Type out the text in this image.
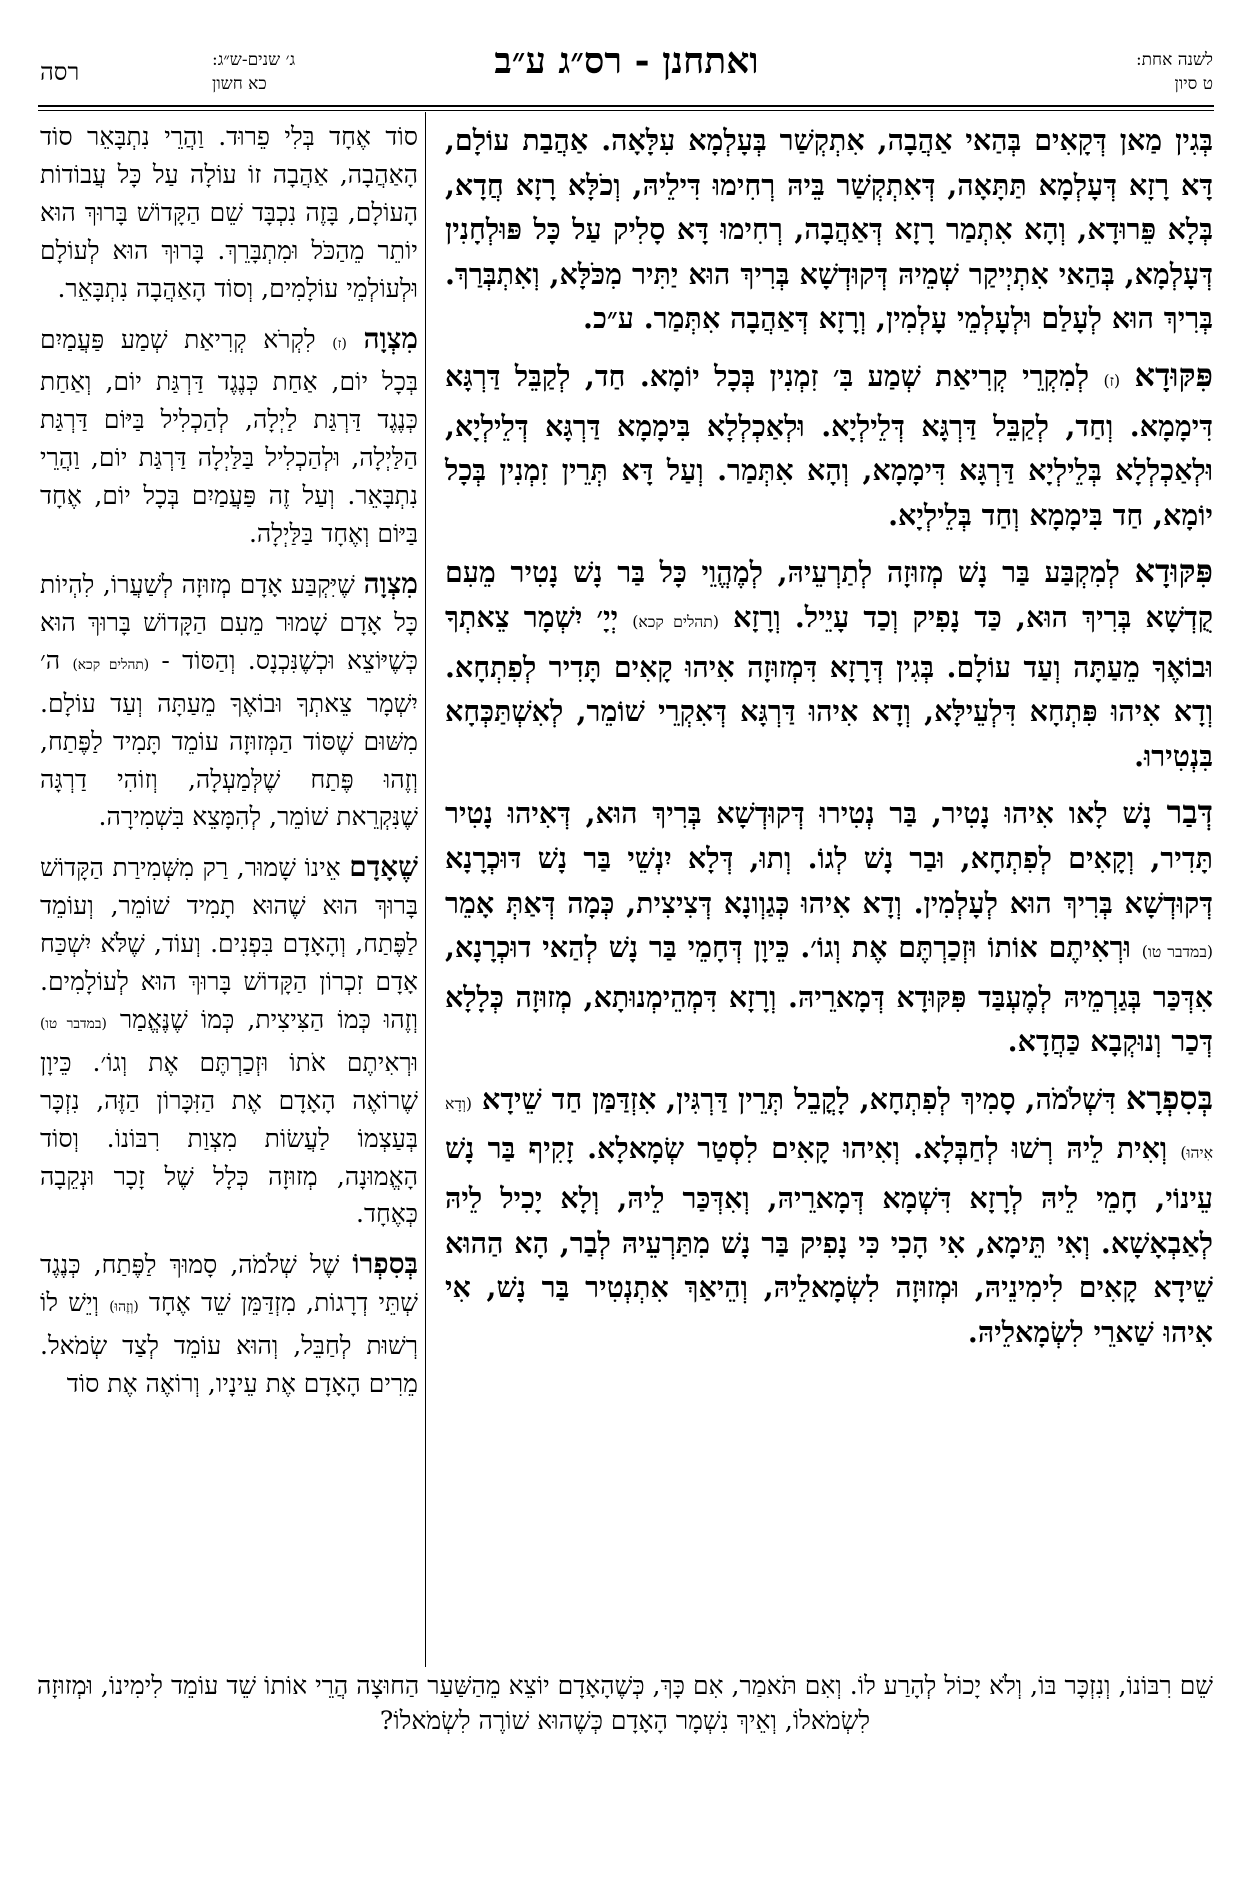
לשנה אחת:
ט סיון
ואתחנן - רס״ג ע״ב
ג׳ שנים-ש״ג:
כא חשון
רסה

בְּגִין מַאן דְּקָאִים בְּהַאי אַהֲבָה, אִתְקְשַׁר בְּעָלְמָא עִלָּאָה. אַהֲבַת עוֹלָם, דָּא רָזָא דְּעָלְמָא תַּתָּאָה, דְּאִתְקְשַׁר בֵּיהּ רְחִימוּ דִּילֵיהּ, וְכֹלָּא רָזָא חֲדָא, בְּלָא פֵּרוּדָא, וְהָא אִתְמַר רָזָא דְּאַהֲבָה, רְחִימוּ דָּא סָלִיק עַל כָּל פּוּלְחָנִין דְּעָלְמָא, בְּהַאי אִתְיְיקַר שְׁמֵיהּ דְּקוּדְשָׁא בְּרִיךְ הוּא יַתִּיר מִכֹּלָּא, וְאִתְבְּרַךְ. בְּרִיךְ הוּא לְעָלַם וּלְעָלְמֵי עָלְמִין, וְרָזָא דְּאַהֲבָה אִתְּמַר. ע״כ.

פִּקּוּדָא (ז) לְמִקְרֵי קְרִיאַת שְׁמַע בִּ׳ זִמְנִין בְּכָל יוֹמָא. חַד, לְקַבֵּל דַּרְגָּא דִּימָמָא. וְחַד, לְקַבֵּל דַּרְגָּא דְּלֵילְיָא. וּלְאַכְלְלָא בִּימָמָא דַּרְגָּא דְּלֵילְיָא, וּלְאַכְלְלָא בְּלֵילְיָא דַּרְגָּא דִּימָמָא, וְהָא אִתְּמַר. וְעַל דָּא תְּרֵין זִמְנִין בְּכָל יוֹמָא, חַד בִּימָמָא וְחַד בְּלֵילְיָא.

פִּקּוּדָא לְמִקְבַּע בַּר נָשׁ מְזוּזָה לְתַרְעֵיהּ, לְמֶהֱוֵי כָּל בַּר נָשׁ נָטִיר מֵעִם קֻדְשָׁא בְּרִיךְ הוּא, כַּד נָפִיק וְכַד עָיֵיל. וְרָזָא (תהלים קכא) יְיָ׳ יִשְׁמָר צֵאתְךָ וּבוֹאֶךָ מֵעַתָּה וְעַד עוֹלָם. בְּגִין דְּרָזָא דִּמְזוּזָה אִיהוּ קָאִים תָּדִיר לְפִתְחָא. וְדָא אִיהוּ פִּתְחָא דִּלְעֵילָּא, וְדָא אִיהוּ דַּרְגָּא דְּאִקְרֵי שׁוֹמֵר, לְאִשְׁתַּכְּחָא בִּנְטִירוּ.

דְּבַר נָשׁ לָאו אִיהוּ נָטִיר, בַּר נְטִירוּ דְּקוּדְשָׁא בְּרִיךְ הוּא, דְּאִיהוּ נָטִיר תָּדִיר, וְקָאִים לְפִתְחָא, וּבַר נָשׁ לְגוֹ. וְתוּ, דְּלָא יִנְשֵׁי בַּר נָשׁ דּוּכְרָנָא דְּקוּדְשָׁא בְּרִיךְ הוּא לְעָלְמִין. וְדָא אִיהוּ כְּגַוְונָא דְּצִיצִית, כְּמָה דְּאַתְּ אָמֵר (במדבר טו) וּרְאִיתֶם אוֹתוֹ וּזְכַרְתֶּם אֶת וְגוֹ׳. כֵּיוָן דְּחָמֵי בַּר נָשׁ לְהַאי דוּכְרָנָא, אִדְּכַּר בְּגַרְמֵיהּ לְמֶעְבַּד פִּקּוּדָא דְּמָארֵיהּ. וְרָזָא דִּמְהֵימְנוּתָא, מְזוּזָה כְּלָלָא דְּכַר וְנוּקְבָא כַּחֲדָא.

בְּסִפְרָא דִּשְׁלֹמֹה, סָמִיךְ לְפִתְחָא, לָקֳבֵל תְּרֵין דַּרְגִּין, אִזְדַּמַּן חַד שֵׁידָא (וְדָא אִיהוּ) וְאִית לֵיהּ רְשׁוּ לְחַבְּלָא. וְאִיהוּ קָאִים לִסְטַר שְׂמָאלָא. זָקִיף בַּר נָשׁ עֵינוֹי, חָמֵי לֵיהּ לְרָזָא דִּשְׁמָא דְּמָארֵיהּ, וְאִדְּכַּר לֵיהּ, וְלָא יָכִיל לֵיהּ לְאַבְאָשָׁא. וְאִי תֵּימָא, אִי הָכִי כִּי נָפִיק בַּר נָשׁ מִתַּרְעֵיהּ לְבַר, הָא הַהוּא שֵׁידָא קָאִים לִימִינֵיהּ, וּמְזוּזָה לִשְׂמָאלֵיהּ, וְהֵיאַךְ אִתְנְטִיר בַּר נָשׁ, אִי אִיהוּ שַׁארֵי לִשְׂמָאלֵיהּ.

סוֹד אֶחָד בְּלִי פֵרוּד. וַהֲרֵי נִתְבָּאֵר סוֹד הָאַהֲבָה, אַהֲבָה זוֹ עוֹלָה עַל כָּל עֲבוֹדוֹת הָעוֹלָם, בָּזֶה נִכְבָּד שֵׁם הַקָּדוֹשׁ בָּרוּךְ הוּא יוֹתֵר מֵהַכֹּל וּמִתְבָּרֵךְ. בָּרוּךְ הוּא לְעוֹלָם וּלְעוֹלְמֵי עוֹלָמִים, וְסוֹד הָאַהֲבָה נִתְבָּאֵר.

מִצְוָה (ז) לִקְרֹא קְרִיאַת שְׁמַע פַּעֲמַיִם בְּכָל יוֹם, אַחַת כְּנֶגֶד דַּרְגַּת יוֹם, וְאַחַת כְּנֶגֶד דַּרְגַּת לַיְלָה, לְהַכְלִיל בַּיּוֹם דַּרְגַּת הַלַּיְלָה, וּלְהַכְלִיל בַּלַּיְלָה דַּרְגַּת יוֹם, וַהֲרֵי נִתְבָּאֵר. וְעַל זֶה פַּעֲמַיִם בְּכָל יוֹם, אֶחָד בַּיּוֹם וְאֶחָד בַּלַּיְלָה.

מִצְוָה שֶׁיִּקְבַּע אָדָם מְזוּזָה לְשַׁעֲרוֹ, לִהְיוֹת כָּל אָדָם שָׁמוּר מֵעִם הַקָּדוֹשׁ בָּרוּךְ הוּא כְּשֶׁיּוֹצֵא וּכְשֶׁנִּכְנָס. וְהַסּוֹד - (תהלים קכא) ה׳ יִשְׁמָר צֵאתְךָ וּבוֹאֶךָ מֵעַתָּה וְעַד עוֹלָם. מִשּׁוּם שֶׁסּוֹד הַמְּזוּזָה עוֹמֵד תָּמִיד לַפֶּתַח, וְזֶהוּ פֶּתַח שֶׁלְּמַעְלָה, וְזוֹהִי דַרְגָּה שֶׁנִּקְרֵאת שׁוֹמֵר, לְהִמָּצֵא בִּשְׁמִירָה.

שֶׁאָדָם אֵינוֹ שָׁמוּר, רַק מִשְּׁמִירַת הַקָּדוֹשׁ בָּרוּךְ הוּא שֶׁהוּא תָמִיד שׁוֹמֵר, וְעוֹמֵד לַפֶּתַח, וְהָאָדָם בִּפְנִים. וְעוֹד, שֶׁלֹּא יִשְׁכַּח אָדָם זִכְרוֹן הַקָּדוֹשׁ בָּרוּךְ הוּא לְעוֹלָמִים. וְזֶהוּ כְּמוֹ הַצִּיצִית, כְּמוֹ שֶׁנֶּאֱמַר (במדבר טו) וּרְאִיתֶם אֹתוֹ וּזְכַרְתֶּם אֶת וְגוֹ׳. כֵּיוָן שֶׁרוֹאֶה הָאָדָם אֶת הַזִּכָּרוֹן הַזֶּה, נִזְכָּר בְּעַצְמוֹ לַעֲשׂוֹת מִצְוַת רִבּוֹנוֹ. וְסוֹד הָאֱמוּנָה, מְזוּזָה כְּלָל שֶׁל זָכָר וּנְקֵבָה כְּאֶחָד.

בְּסִפְרוֹ שֶׁל שְׁלֹמֹה, סָמוּךְ לַפֶּתַח, כְּנֶגֶד שְׁתֵּי דְרָגוֹת, מִזְדַּמֵּן שֵׁד אֶחָד (וְזֶהוּ) וְיֵשׁ לוֹ רְשׁוּת לְחַבֵּל, וְהוּא עוֹמֵד לְצַד שְׂמֹאל. מֵרִים הָאָדָם אֶת עֵינָיו, וְרוֹאֶה אֶת סוֹד

שֵׁם רִבּוֹנוֹ, וְנִזְכָּר בּוֹ, וְלֹא יָכוֹל לְהָרַע לוֹ. וְאִם תֹּאמַר, אִם כָּךְ, כְּשֶׁהָאָדָם יוֹצֵא מֵהַשַּׁעַר הַחוּצָה הֲרֵי אוֹתוֹ שֵׁד עוֹמֵד לִימִינוֹ, וּמְזוּזָה לִשְׂמֹאלוֹ, וְאֵיךְ נִשְׁמָר הָאָדָם כְּשֶׁהוּא שׁוֹרֶה לִשְׂמֹאלוֹ?
